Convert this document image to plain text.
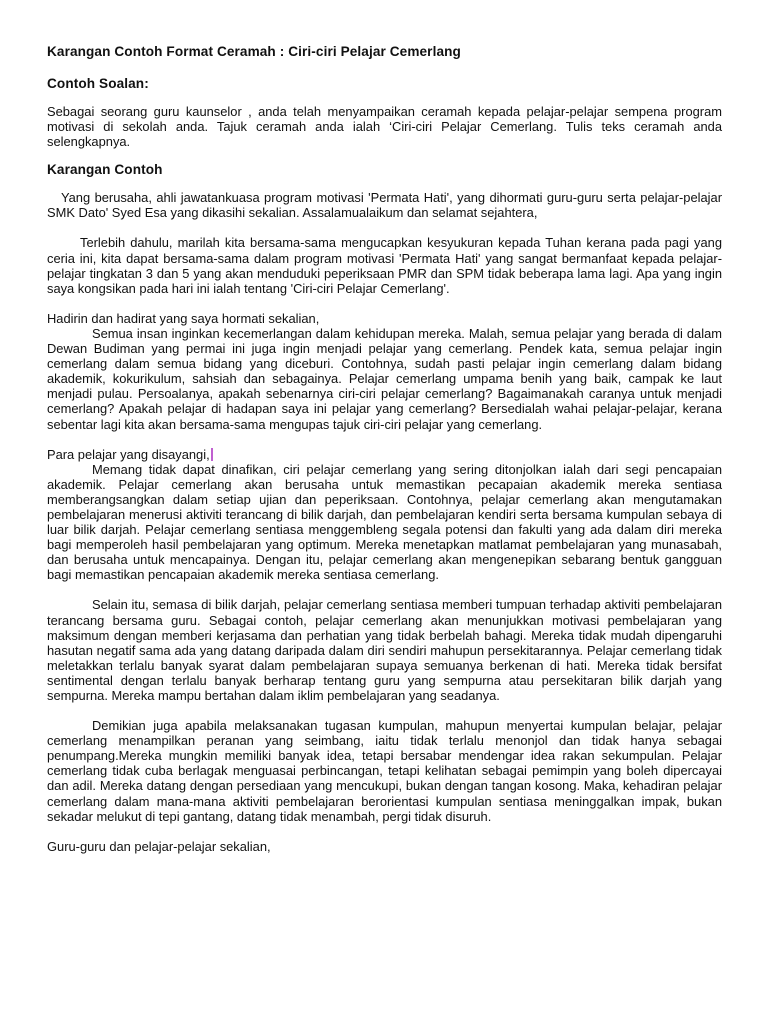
Karangan Contoh Format Ceramah : Ciri-ciri Pelajar Cemerlang
Contoh Soalan:

Sebagai seorang guru kaunselor , anda telah menyampaikan ceramah kepada pelajar-pelajar sempena program motivasi di sekolah anda. Tajuk ceramah anda ialah ‘Ciri-ciri Pelajar Cemerlang. Tulis teks ceramah anda selengkapnya.

Karangan Contoh

Yang berusaha, ahli jawatankuasa program motivasi 'Permata Hati', yang dihormati guru-guru serta pelajar-pelajar SMK Dato' Syed Esa yang dikasihi sekalian. Assalamualaikum dan selamat sejahtera,

Terlebih dahulu, marilah kita bersama-sama mengucapkan kesyukuran kepada Tuhan kerana pada pagi yang ceria ini, kita dapat bersama-sama dalam program motivasi 'Permata Hati' yang sangat bermanfaat kepada pelajar-pelajar tingkatan 3 dan 5 yang akan menduduki peperiksaan PMR dan SPM tidak beberapa lama lagi. Apa yang ingin saya kongsikan pada hari ini ialah tentang 'Ciri-ciri Pelajar Cemerlang'.

Hadirin dan hadirat yang saya hormati sekalian,

Semua insan inginkan kecemerlangan dalam kehidupan mereka. Malah, semua pelajar yang berada di dalam Dewan Budiman yang permai ini juga ingin menjadi pelajar yang cemerlang. Pendek kata, semua pelajar ingin cemerlang dalam semua bidang yang diceburi. Contohnya, sudah pasti pelajar ingin cemerlang dalam bidang akademik, kokurikulum, sahsiah dan sebagainya. Pelajar cemerlang umpama benih yang baik, campak ke laut menjadi pulau. Persoalanya, apakah sebenarnya ciri-ciri pelajar cemerlang? Bagaimanakah caranya untuk menjadi cemerlang? Apakah pelajar di hadapan saya ini pelajar yang cemerlang? Bersedialah wahai pelajar-pelajar, kerana sebentar lagi kita akan bersama-sama mengupas tajuk ciri-ciri pelajar yang cemerlang.

Para pelajar yang disayangi,

Memang tidak dapat dinafikan, ciri pelajar cemerlang yang sering ditonjolkan ialah dari segi pencapaian akademik. Pelajar cemerlang akan berusaha untuk memastikan pecapaian akademik mereka sentiasa memberangsangkan dalam setiap ujian dan peperiksaan. Contohnya, pelajar cemerlang akan mengutamakan pembelajaran menerusi aktiviti terancang di bilik darjah, dan pembelajaran kendiri serta bersama kumpulan sebaya di luar bilik darjah. Pelajar cemerlang sentiasa menggembleng segala potensi dan fakulti yang ada dalam diri mereka bagi memperoleh hasil pembelajaran yang optimum. Mereka menetapkan matlamat pembelajaran yang munasabah, dan berusaha untuk mencapainya. Dengan itu, pelajar cemerlang akan mengenepikan sebarang bentuk gangguan bagi memastikan pencapaian akademik mereka sentiasa cemerlang.

Selain itu, semasa di bilik darjah, pelajar cemerlang sentiasa memberi tumpuan terhadap aktiviti pembelajaran terancang bersama guru. Sebagai contoh, pelajar cemerlang akan menunjukkan motivasi pembelajaran yang maksimum dengan memberi kerjasama dan perhatian yang tidak berbelah bahagi. Mereka tidak mudah dipengaruhi hasutan negatif sama ada yang datang daripada dalam diri sendiri mahupun persekitarannya. Pelajar cemerlang tidak meletakkan terlalu banyak syarat dalam pembelajaran supaya semuanya berkenan di hati. Mereka tidak bersifat sentimental dengan terlalu banyak berharap tentang guru yang sempurna atau persekitaran bilik darjah yang sempurna. Mereka mampu bertahan dalam iklim pembelajaran yang seadanya.

Demikian juga apabila melaksanakan tugasan kumpulan, mahupun menyertai kumpulan belajar, pelajar cemerlang menampilkan peranan yang seimbang, iaitu tidak terlalu menonjol dan tidak hanya sebagai penumpang.Mereka mungkin memiliki banyak idea, tetapi bersabar mendengar idea rakan sekumpulan. Pelajar cemerlang tidak cuba berlagak menguasai perbincangan, tetapi kelihatan sebagai pemimpin yang boleh dipercayai dan adil. Mereka datang dengan persediaan yang mencukupi, bukan dengan tangan kosong. Maka, kehadiran pelajar cemerlang dalam mana-mana aktiviti pembelajaran berorientasi kumpulan sentiasa meninggalkan impak, bukan sekadar melukut di tepi gantang, datang tidak menambah, pergi tidak disuruh.

Guru-guru dan pelajar-pelajar sekalian,
